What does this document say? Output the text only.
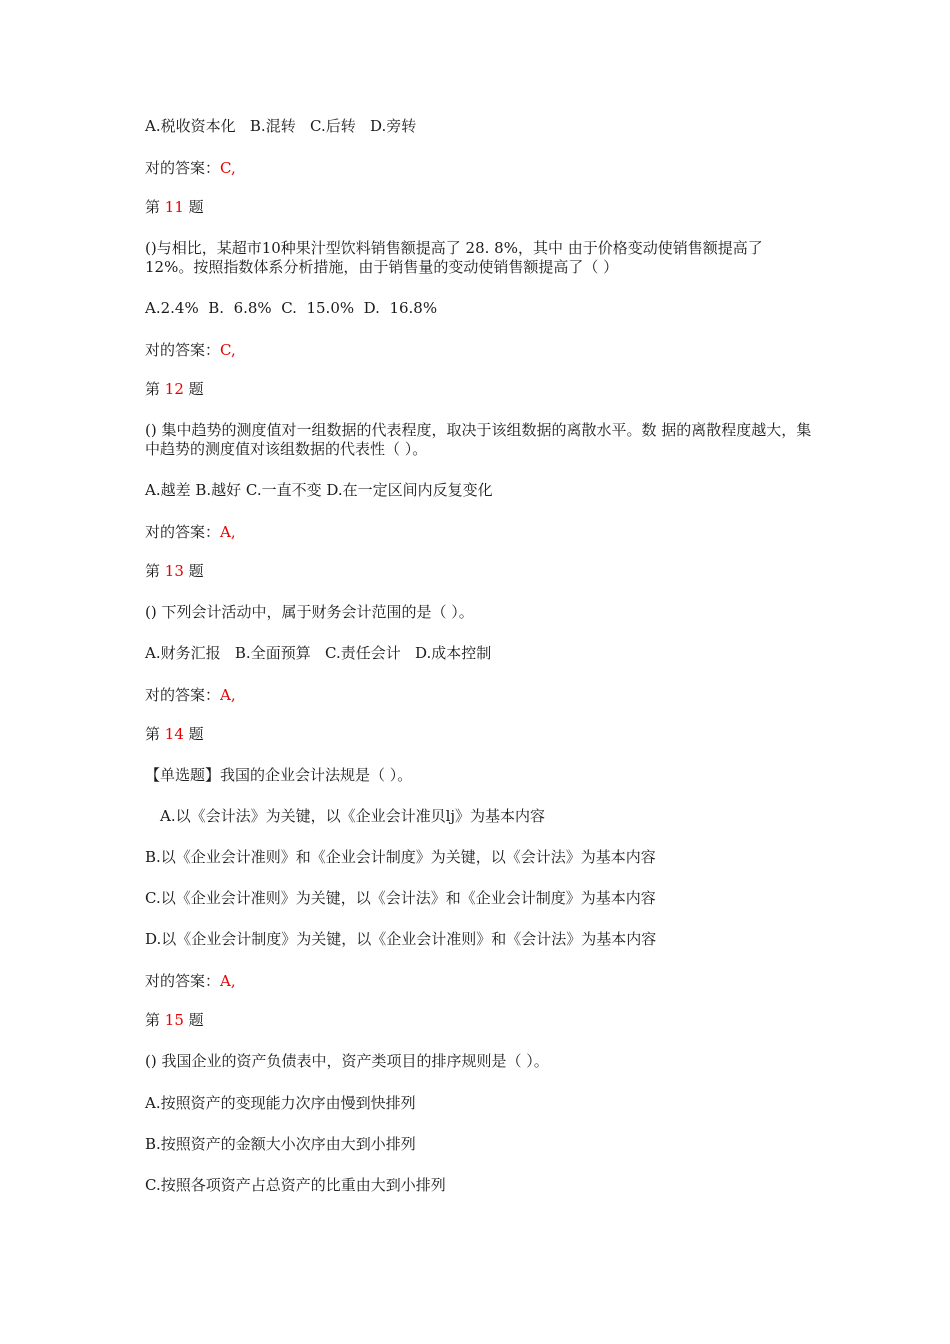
A.税收资本化   B.混转   C.后转   D.旁转
对的答案：C,
第 11 题
()与相比，某超市10种果汁型饮料销售额提高了 28. 8%，其中 由于价格变动使销售额提高了 12%。按照指数体系分析措施，由于销售量的变动使销售额提高了（ ）
A.2.4%  B.  6.8%  C.  15.0%  D.  16.8%
对的答案：C,
第 12 题
() 集中趋势的测度值对一组数据的代表程度，取决于该组数据的离散水平。数 据的离散程度越大，集中趋势的测度值对该组数据的代表性（ ）。
A.越差 B.越好 C.一直不变 D.在一定区间内反复变化
对的答案：A,
第 13 题
() 下列会计活动中，属于财务会计范围的是（ ）。
A.财务汇报   B.全面预算   C.责任会计   D.成本控制
对的答案：A,
第 14 题
【单选题】我国的企业会计法规是（ ）。
A.以《会计法》为关键，以《企业会计准贝lj》为基本内容
B.以《企业会计准则》和《企业会计制度》为关键，以《会计法》为基本内容
C.以《企业会计准则》为关键，以《会计法》和《企业会计制度》为基本内容
D.以《企业会计制度》为关键，以《企业会计准则》和《会计法》为基本内容
对的答案：A,
第 15 题
() 我国企业的资产负债表中，资产类项目的排序规则是（ ）。
A.按照资产的变现能力次序由慢到快排列
B.按照资产的金额大小次序由大到小排列
C.按照各项资产占总资产的比重由大到小排列
